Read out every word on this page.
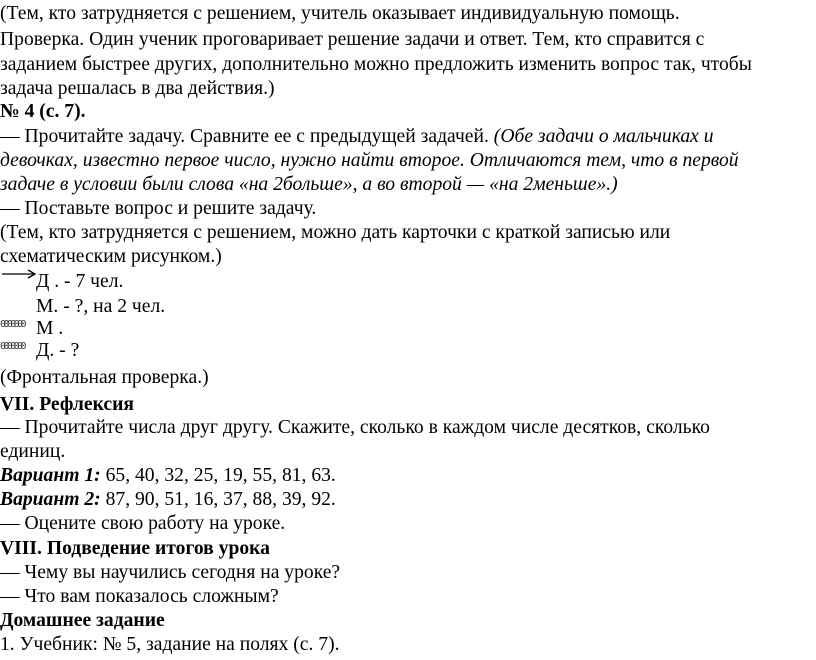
(Тем, кто затрудняется с решением, учитель оказывает индивидуальную помощь.
Проверка. Один ученик проговаривает решение задачи и ответ. Тем, кто справится с
заданием быстрее других, дополнительно можно предложить изменить вопрос так, чтобы
задача решалась в два действия.)
№ 4 (с. 7).
— Прочитайте задачу. Сравните ее с предыдущей задачей. (Обе задачи о мальчиках и
девочках, известно первое число, нужно найти второе. Отличаются тем, что в первой
задаче в условии были слова «на 2больше», а во второй — «на 2меньше».)
— Поставьте вопрос и решите задачу.
(Тем, кто затрудняется с решением, можно дать карточки с краткой записью или
схематическим рисунком.)
Д . - 7 чел.
М. - ?, на 2 чел.
0000000 М .
0000000 Д. - ?
(Фронтальная проверка.)
VII. Рефлексия
— Прочитайте числа друг другу. Скажите, сколько в каждом числе десятков, сколько
единиц.
Вариант 1: 65, 40, 32, 25, 19, 55, 81, 63.
Вариант 2: 87, 90, 51, 16, 37, 88, 39, 92.
— Оцените свою работу на уроке.
VIII. Подведение итогов урока
— Чему вы научились сегодня на уроке?
— Что вам показалось сложным?
Домашнее задание
1. Учебник: № 5, задание на полях (с. 7).
